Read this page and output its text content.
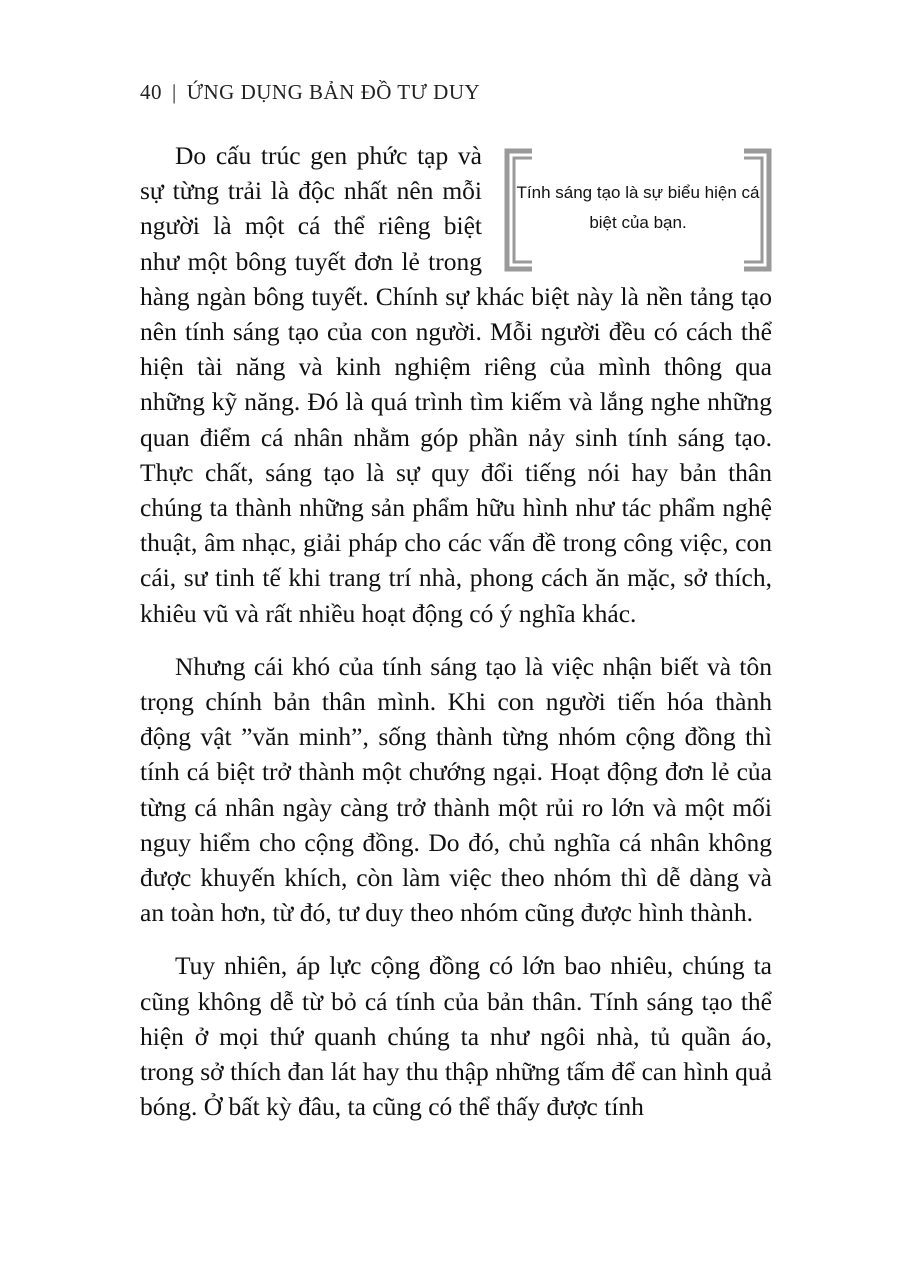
40 | ỨNG DỤNG BẢN ĐỒ TƯ DUY

Tính sáng tạo là sự biểu hiện cá biệt của bạn.
Do cấu trúc gen phức tạp và sự từng trải là độc nhất nên mỗi người là một cá thể riêng biệt như một bông tuyết đơn lẻ trong hàng ngàn bông tuyết. Chính sự khác biệt này là nền tảng tạo nên tính sáng tạo của con người. Mỗi người đều có cách thể hiện tài năng và kinh nghiệm riêng của mình thông qua những kỹ năng. Đó là quá trình tìm kiếm và lắng nghe những quan điểm cá nhân nhằm góp phần nảy sinh tính sáng tạo. Thực chất, sáng tạo là sự quy đổi tiếng nói hay bản thân chúng ta thành những sản phẩm hữu hình như tác phẩm nghệ thuật, âm nhạc, giải pháp cho các vấn đề trong công việc, con cái, sư tinh tế khi trang trí nhà, phong cách ăn mặc, sở thích, khiêu vũ và rất nhiều hoạt động có ý nghĩa khác.

Nhưng cái khó của tính sáng tạo là việc nhận biết và tôn trọng chính bản thân mình. Khi con người tiến hóa thành động vật ”văn minh”, sống thành từng nhóm cộng đồng thì tính cá biệt trở thành một chướng ngại. Hoạt động đơn lẻ của từng cá nhân ngày càng trở thành một rủi ro lớn và một mối nguy hiểm cho cộng đồng. Do đó, chủ nghĩa cá nhân không được khuyến khích, còn làm việc theo nhóm thì dễ dàng và an toàn hơn, từ đó, tư duy theo nhóm cũng được hình thành.

Tuy nhiên, áp lực cộng đồng có lớn bao nhiêu, chúng ta cũng không dễ từ bỏ cá tính của bản thân. Tính sáng tạo thể hiện ở mọi thứ quanh chúng ta như ngôi nhà, tủ quần áo, trong sở thích đan lát hay thu thập những tấm để can hình quả bóng. Ở bất kỳ đâu, ta cũng có thể thấy được tính
